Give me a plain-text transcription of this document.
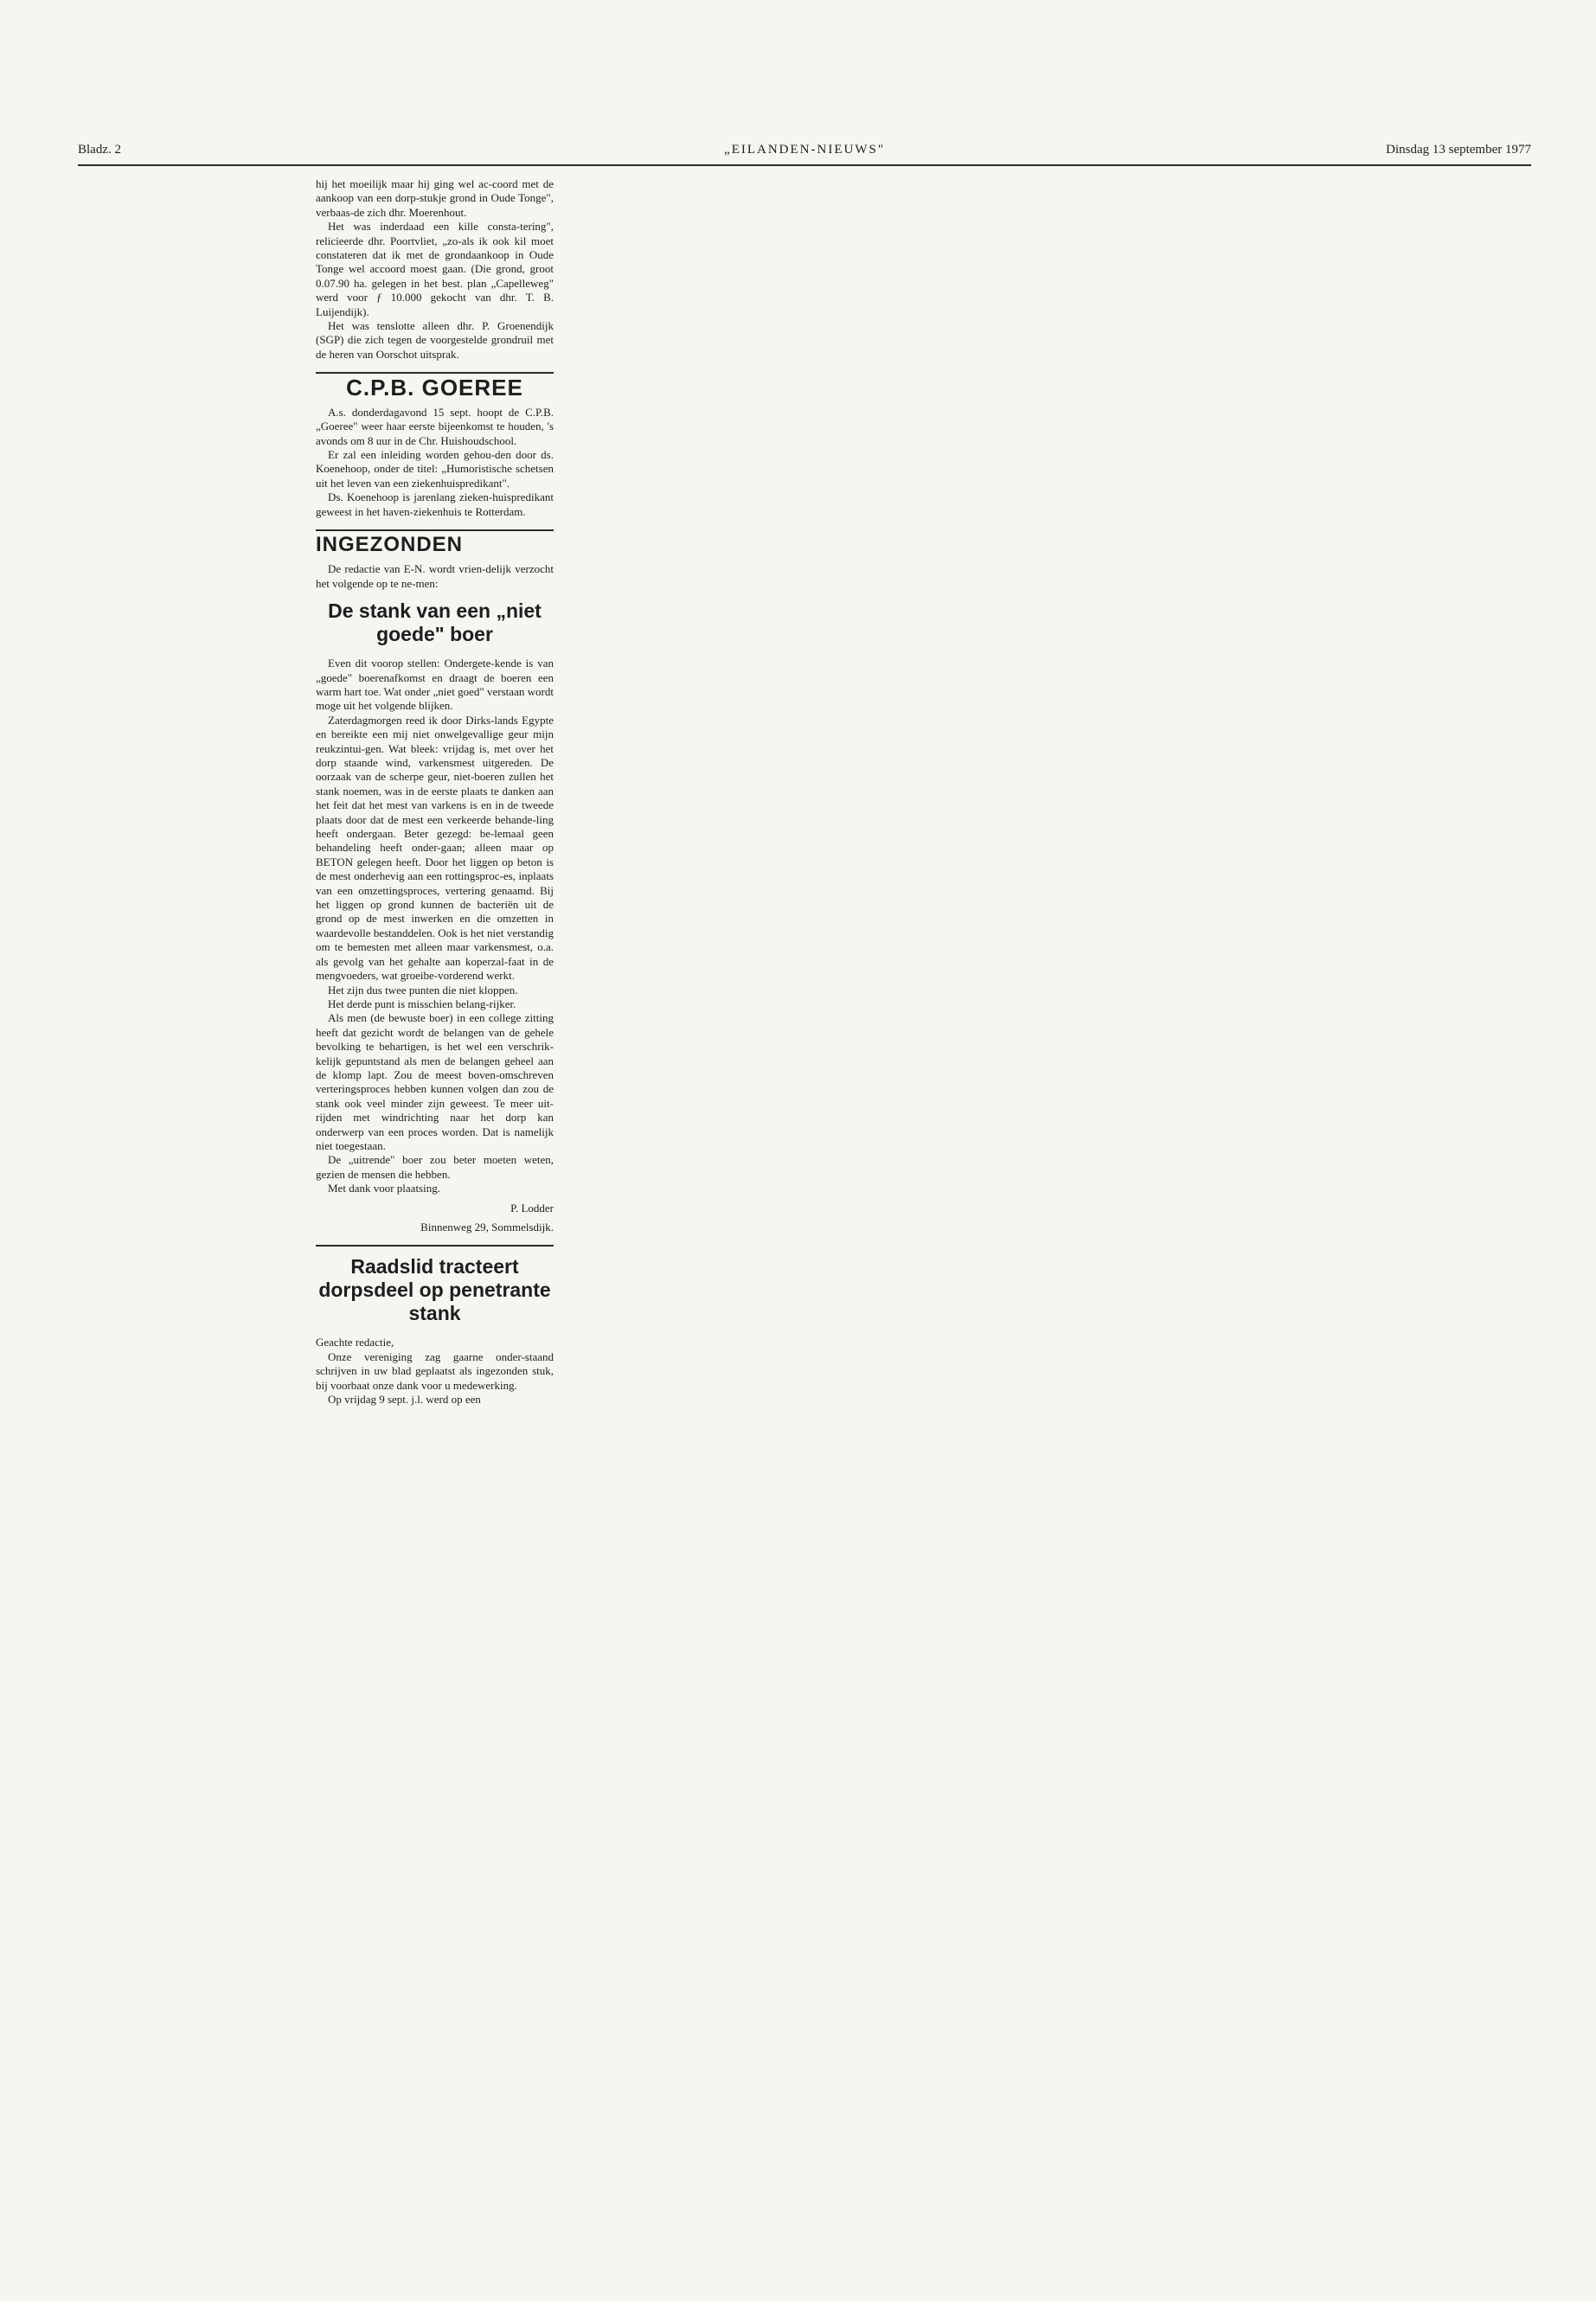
Bladz. 2	„EILANDEN-NIEUWS"	Dinsdag 13 september 1977

hij het moeilijk maar hij ging wel ac-coord met de aankoop van een dorp-stukje grond in Oude Tonge", verbaas-de zich dhr. Moerenhout.

Het was inderdaad een kille consta-tering", relicieerde dhr. Poortvliet, „zo-als ik ook kil moet constateren dat ik met de grondaankoop in Oude Tonge wel accoord moest gaan. (Die grond, groot 0.07.90 ha. gelegen in het best. plan „Capelleweg" werd voor ƒ 10.000 gekocht van dhr. T. B. Luijendijk).

Het was tenslotte alleen dhr. P. Groenendijk (SGP) die zich tegen de voorgestelde grondruil met de heren van Oorschot uitsprak.

C.P.B. GOEREE

A.s. donderdagavond 15 sept. hoopt de C.P.B. „Goeree" weer haar eerste bijeenkomst te houden, 's avonds om 8 uur in de Chr. Huishoudschool.

Er zal een inleiding worden gehou-den door ds. Koenehoop, onder de titel: „Humoristische schetsen uit het leven van een ziekenhuispredikant".

Ds. Koenehoop is jarenlang zieken-huispredikant geweest in het haven-ziekenhuis te Rotterdam.

INGEZONDEN

De redactie van E-N. wordt vrien-delijk verzocht het volgende op te ne-men:

De stank van een „niet goede" boer

Even dit voorop stellen: Ondergete-kende is van „goede" boerenafkomst en draagt de boeren een warm hart toe. Wat onder „niet goed" verstaan wordt moge uit het volgende blijken.

Zaterdagmorgen reed ik door Dirks-lands Egypte en bereikte een mij niet onwelgevallige geur mijn reukzintui-gen. Wat bleek: vrijdag is, met over het dorp staande wind, varkensmest uitgereden. De oorzaak van de scherpe geur, niet-boeren zullen het stank noemen, was in de eerste plaats te danken aan het feit dat het mest van varkens is en in de tweede plaats door dat de mest een verkeerde behande-ling heeft ondergaan. Beter gezegd: be-lemaal geen behandeling heeft onder-gaan; alleen maar op BETON gelegen heeft. Door het liggen op beton is de mest onderhevig aan een rottingsproc-es, inplaats van een omzettingsproces, vertering genaamd. Bij het liggen op grond kunnen de bacteriën uit de grond op de mest inwerken en die omzetten in waardevolle bestanddelen. Ook is het niet verstandig om te bemesten met alleen maar varkensmest, o.a. als gevolg van het gehalte aan koperzal-faat in de mengvoeders, wat groeibe-vorderend werkt.

Het zijn dus twee punten die niet kloppen.

Het derde punt is misschien belang-rijker.

Als men (de bewuste boer) in een college zitting heeft dat gezicht wordt de belangen van de gehele bevolking te behartigen, is het wel een verschrik-kelijk gepuntstand als men de belangen geheel aan de klomp lapt. Zou de meest boven-omschreven verteringsproces hebben kunnen volgen dan zou de stank ook veel minder zijn geweest. Te meer uit-rijden met windrichting naar het dorp kan onderwerp van een proces worden. Dat is namelijk niet toegestaan.

De „uitrende" boer zou beter moeten weten, gezien de mensen die hebben.

Met dank voor plaatsing.

P. Lodder
Binnenweg 29, Sommelsdijk.
Raadslid tracteert dorpsdeel op penetrante stank

Geachte redactie,

Onze vereniging zag gaarne onder-staand schrijven in uw blad geplaatst als ingezonden stuk, bij voorbaat onze dank voor u medewerking.

Op vrijdag 9 sept. j.l. werd op een
